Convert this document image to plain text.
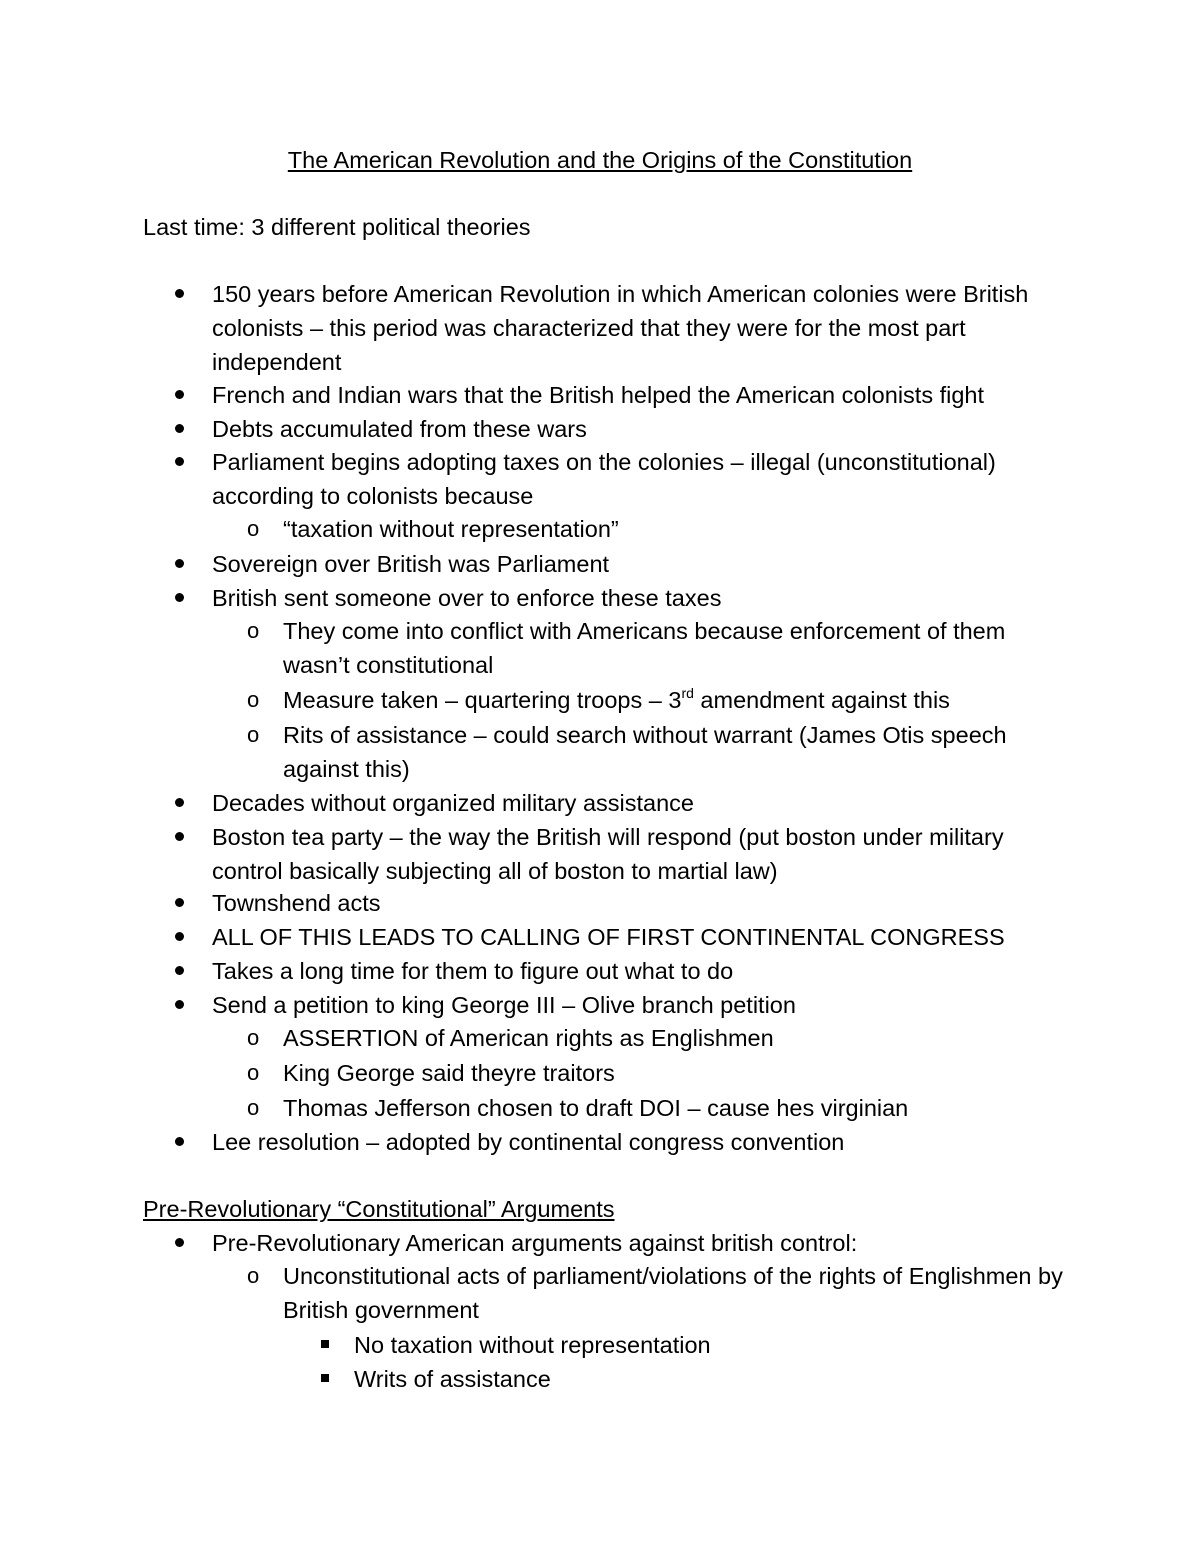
The American Revolution and the Origins of the Constitution
Last time: 3 different political theories
150 years before American Revolution in which American colonies were British colonists – this period was characterized that they were for the most part independent
French and Indian wars that the British helped the American colonists fight
Debts accumulated from these wars
Parliament begins adopting taxes on the colonies – illegal (unconstitutional) according to colonists because
o “taxation without representation”
Sovereign over British was Parliament
British sent someone over to enforce these taxes
o They come into conflict with Americans because enforcement of them wasn’t constitutional
o Measure taken – quartering troops – 3rd amendment against this
o Rits of assistance – could search without warrant (James Otis speech against this)
Decades without organized military assistance
Boston tea party – the way the British will respond (put boston under military control basically subjecting all of boston to martial law)
Townshend acts
ALL OF THIS LEADS TO CALLING OF FIRST CONTINENTAL CONGRESS
Takes a long time for them to figure out what to do
Send a petition to king George III – Olive branch petition
o ASSERTION of American rights as Englishmen
o King George said theyre traitors
o Thomas Jefferson chosen to draft DOI – cause hes virginian
Lee resolution – adopted by continental congress convention
Pre-Revolutionary “Constitutional” Arguments
Pre-Revolutionary American arguments against british control:
o Unconstitutional acts of parliament/violations of the rights of Englishmen by British government
No taxation without representation
Writs of assistance
